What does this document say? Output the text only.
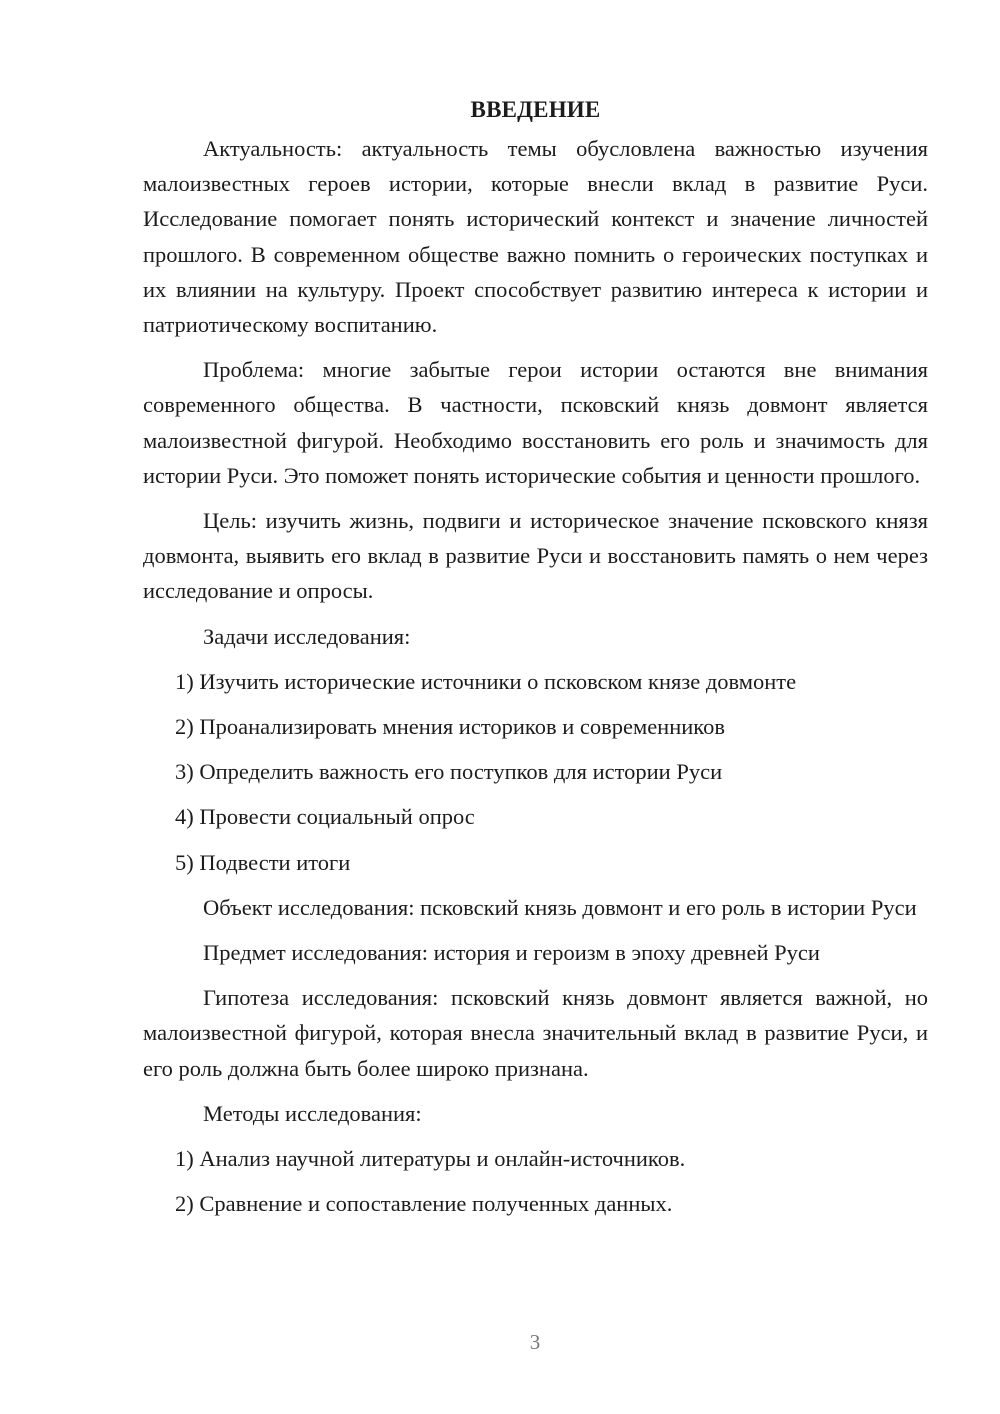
ВВЕДЕНИЕ

Актуальность: актуальность темы обусловлена важностью изучения малоизвестных героев истории, которые внесли вклад в развитие Руси. Исследование помогает понять исторический контекст и значение личностей прошлого. В современном обществе важно помнить о героических поступках и их влиянии на культуру. Проект способствует развитию интереса к истории и патриотическому воспитанию.

Проблема: многие забытые герои истории остаются вне внимания современного общества. В частности, псковский князь довмонт является малоизвестной фигурой. Необходимо восстановить его роль и значимость для истории Руси. Это поможет понять исторические события и ценности прошлого.

Цель: изучить жизнь, подвиги и историческое значение псковского князя довмонта, выявить его вклад в развитие Руси и восстановить память о нем через исследование и опросы.

Задачи исследования:
1) Изучить исторические источники о псковском князе довмонте
2) Проанализировать мнения историков и современников
3) Определить важность его поступков для истории Руси
4) Провести социальный опрос
5) Подвести итоги

Объект исследования: псковский князь довмонт и его роль в истории Руси

Предмет исследования: история и героизм в эпоху древней Руси

Гипотеза исследования: псковский князь довмонт является важной, но малоизвестной фигурой, которая внесла значительный вклад в развитие Руси, и его роль должна быть более широко признана.

Методы исследования:
1) Анализ научной литературы и онлайн-источников.
2) Сравнение и сопоставление полученных данных.
3
